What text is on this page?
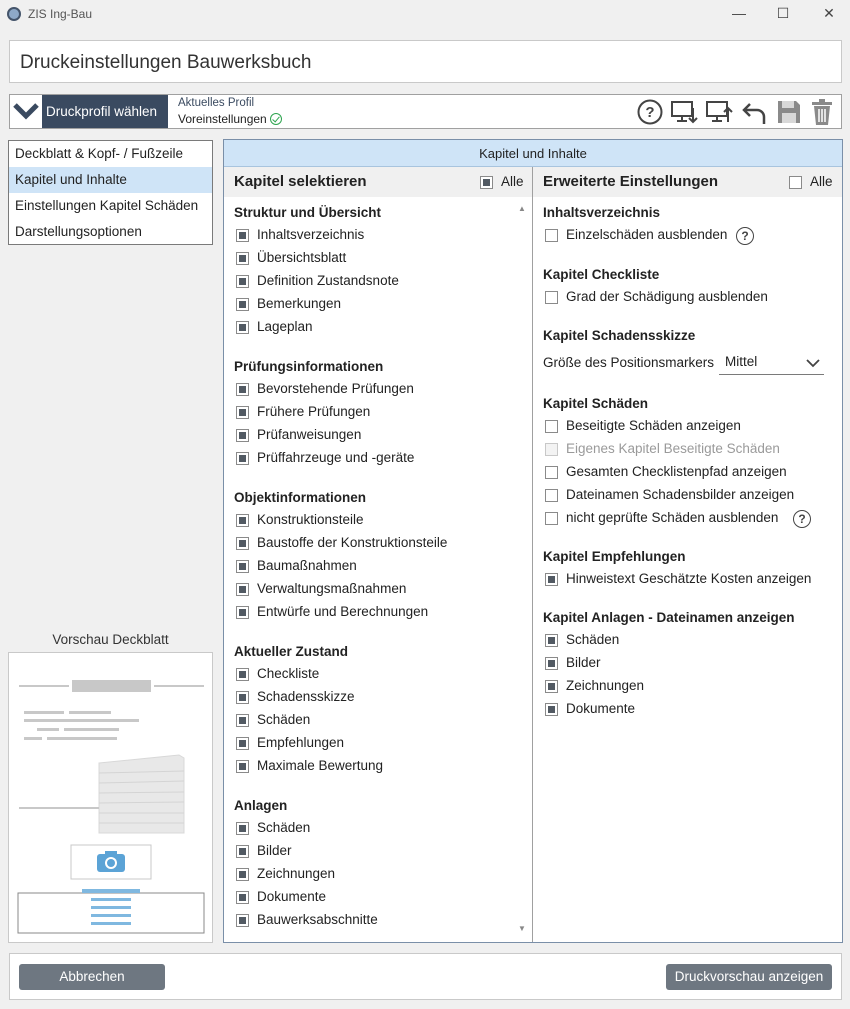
ZIS Ing-Bau	—	☐	✕
Druckeinstellungen Bauwerksbuch
Druckprofil wählen
Aktuelles Profil
Voreinstellungen	?
Deckblatt & Kopf- / Fußzeile
Kapitel und Inhalte
Einstellungen Kapitel Schäden
Darstellungsoptionen
Vorschau Deckblatt
Kapitel und Inhalte
Kapitel selektieren	Alle
▲
▼
Struktur und Übersicht
Inhaltsverzeichnis
Übersichtsblatt
Definition Zustandsnote
Bemerkungen
Lageplan
Prüfungsinformationen
Bevorstehende Prüfungen
Frühere Prüfungen
Prüfanweisungen
Prüffahrzeuge und -geräte
Objektinformationen
Konstruktionsteile
Baustoffe der Konstruktionsteile
Baumaßnahmen
Verwaltungsmaßnahmen
Entwürfe und Berechnungen
Aktueller Zustand
Checkliste
Schadensskizze
Schäden
Empfehlungen
Maximale Bewertung
Anlagen
Schäden
Bilder
Zeichnungen
Dokumente
Bauwerksabschnitte
Erweiterte Einstellungen	Alle
Inhaltsverzeichnis
Einzelschäden ausblenden	?
Kapitel Checkliste
Grad der Schädigung ausblenden
Kapitel Schadensskizze
Größe des Positionsmarkers Mittel
Kapitel Schäden
Beseitigte Schäden anzeigen
Eigenes Kapitel Beseitigte Schäden
Gesamten Checklistenpfad anzeigen
Dateinamen Schadensbilder anzeigen
nicht geprüfte Schäden ausblenden	?
Kapitel Empfehlungen
Hinweistext Geschätzte Kosten anzeigen
Kapitel Anlagen - Dateinamen anzeigen
Schäden
Bilder
Zeichnungen
Dokumente
Abbrechen	Druckvorschau anzeigen
